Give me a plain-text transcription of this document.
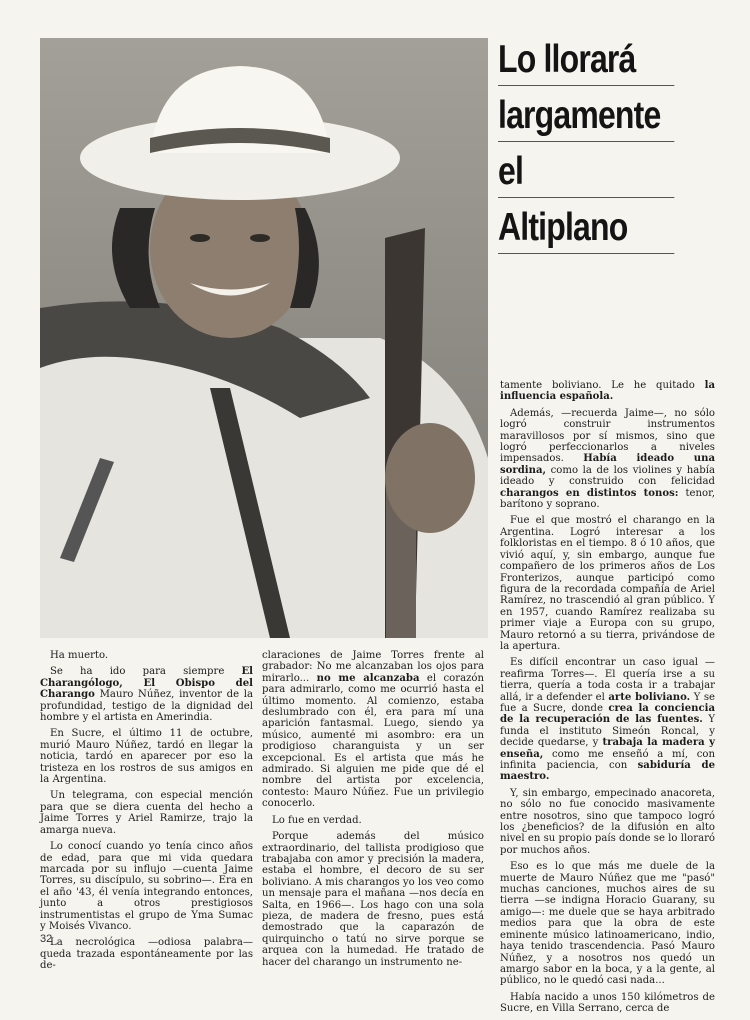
Lo llorará
largamente
el
Altiplano

Ha muerto.

Se ha ido para siempre El Charangólogo, El Obispo del Charango Mauro Núñez, inventor de la profundidad, testigo de la dignidad del hombre y el artista en Amerindia.

En Sucre, el último 11 de octubre, murió Mauro Núñez, tardó en llegar la noticia, tardó en aparecer por eso la tristeza en los rostros de sus amigos en la Argentina.

Un telegrama, con especial mención para que se diera cuenta del hecho a Jaime Torres y Ariel Ramirze, trajo la amarga nueva.

Lo conocí cuando yo tenía cinco años de edad, para que mi vida quedara marcada por su influjo —cuenta Jaime Torres, su discípulo, su sobrino—. Era en el año '43, él venía integrando entonces, junto a otros prestigiosos instrumentistas el grupo de Yma Sumac y Moisés Vivanco.

La necrológica —odiosa palabra— queda trazada espontáneamente por las de-

claraciones de Jaime Torres frente al grabador: No me alcanzaban los ojos para mirarlo... no me alcanzaba el corazón para admirarlo, como me ocurrió hasta el último momento. Al comienzo, estaba deslumbrado con él, era para mí una aparición fantasmal. Luego, siendo ya músico, aumenté mi asombro: era un prodigioso charanguista y un ser excepcional. Es el artista que más he admirado. Si alguien me pide que dé el nombre del artista por excelencia, contesto: Mauro Núñez. Fue un privilegio conocerlo.

Lo fue en verdad.

Porque además del músico extraordinario, del tallista prodigioso que trabajaba con amor y precisión la madera, estaba el hombre, el decoro de su ser boliviano. A mis charangos yo los veo como un mensaje para el mañana —nos decía en Salta, en 1966—. Los hago con una sola pieza, de madera de fresno, pues está demostrado que la caparazón de quirquincho o tatú no sirve porque se arquea con la humedad. He tratado de hacer del charango un instrumento ne-

tamente boliviano. Le he quitado la influencia española.

Además, —recuerda Jaime—, no sólo logró construir instrumentos maravillosos por sí mismos, sino que logró perfeccionarlos a niveles impensados. Había ideado una sordina, como la de los violines y había ideado y construido con felicidad charangos en distintos tonos: tenor, barítono y soprano.

Fue el que mostró el charango en la Argentina. Logró interesar a los folkloristas en el tiempo. 8 ó 10 años, que vivió aquí, y, sin embargo, aunque fue compañero de los primeros años de Los Fronterizos, aunque participó como figura de la recordada compañía de Ariel Ramírez, no trascendió al gran público. Y en 1957, cuando Ramírez realizaba su primer viaje a Europa con su grupo, Mauro retornó a su tierra, privándose de la apertura.

Es difícil encontrar un caso igual —reafirma Torres—. El quería irse a su tierra, quería a toda costa ir a trabajar allá, ir a defender el arte boliviano. Y se fue a Sucre, donde crea la conciencia de la recuperación de las fuentes. Y funda el instituto Simeón Roncal, y decide quedarse, y trabaja la madera y enseña, como me enseñó a mí, con infinita paciencia, con sabiduría de maestro.

Y, sin embargo, empecinado anacoreta, no sólo no fue conocido masivamente entre nosotros, sino que tampoco logró los ¿beneficios? de la difusión en alto nivel en su propio país donde se lo lloraró por muchos años.

Eso es lo que más me duele de la muerte de Mauro Núñez que me "pasó" muchas canciones, muchos aires de su tierra —se indigna Horacio Guarany, su amigo—: me duele que se haya arbitrado medios para que la obra de este eminente músico latinoamericano, indio, haya tenido trascendencia. Pasó Mauro Núñez, y a nosotros nos quedó un amargo sabor en la boca, y a la gente, al público, no le quedó casi nada...

Había nacido a unos 150 kilómetros de Sucre, en Villa Serrano, cerca de

32
